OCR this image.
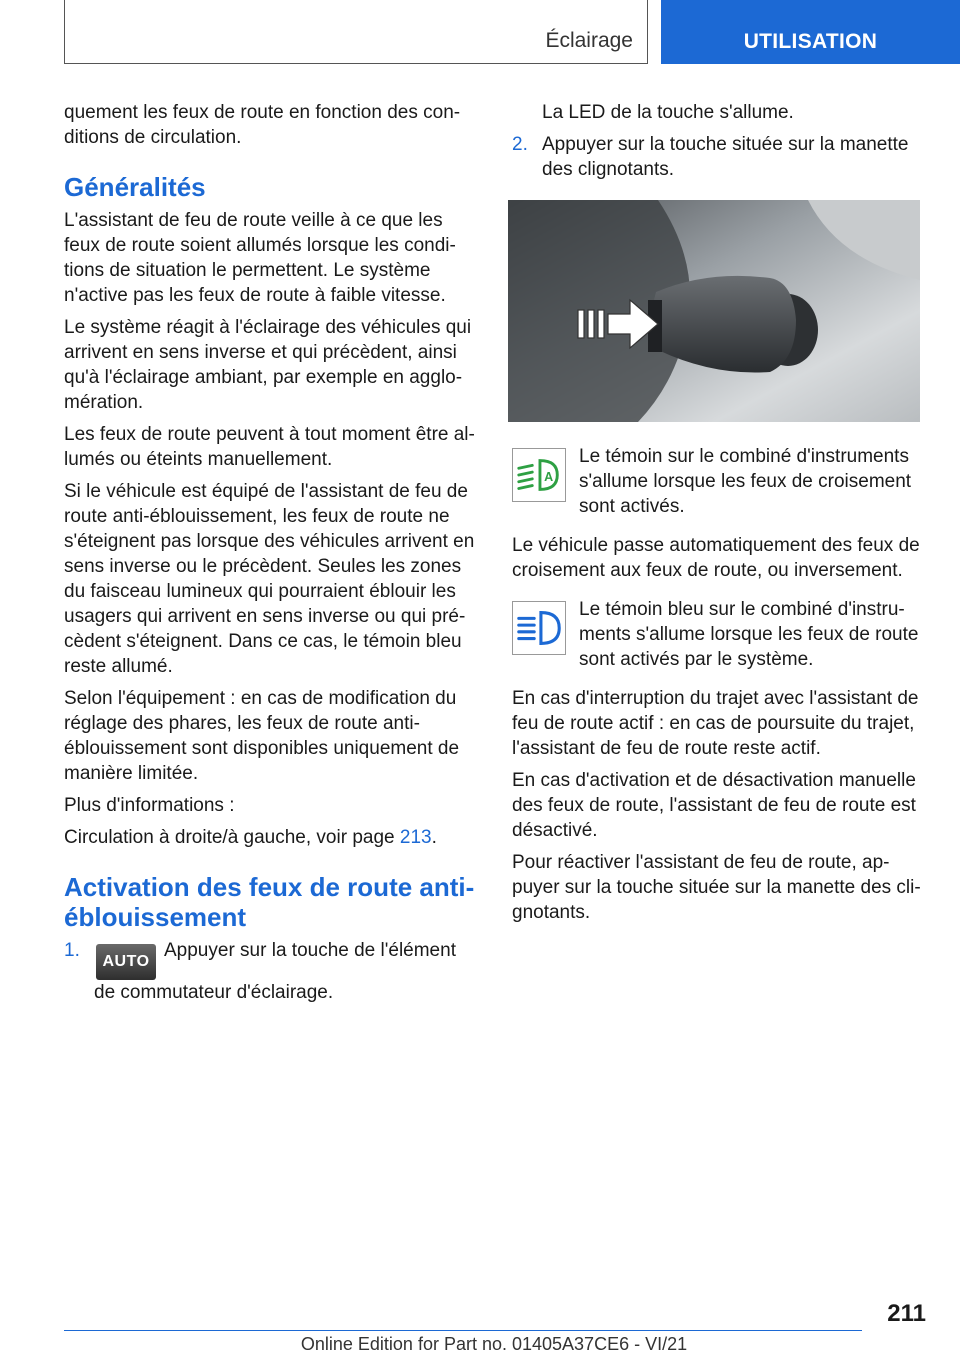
Éclairage	UTILISATION

quement les feux de route en fonction des conditions de circulation.

Généralités

L'assistant de feu de route veille à ce que les feux de route soient allumés lorsque les conditions de situation le permettent. Le système n'active pas les feux de route à faible vitesse.

Le système réagit à l'éclairage des véhicules qui arrivent en sens inverse et qui précèdent, ainsi qu'à l'éclairage ambiant, par exemple en agglomération.

Les feux de route peuvent à tout moment être allumés ou éteints manuellement.

Si le véhicule est équipé de l'assistant de feu de route anti-éblouissement, les feux de route ne s'éteignent pas lorsque des véhicules arrivent en sens inverse ou le précèdent. Seules les zones du faisceau lumineux qui pourraient éblouir les usagers qui arrivent en sens inverse ou qui précèdent s'éteignent. Dans ce cas, le témoin bleu reste allumé.

Selon l'équipement : en cas de modification du réglage des phares, les feux de route anti-éblouissement sont disponibles uniquement de manière limitée.

Plus d'informations :

Circulation à droite/à gauche, voir page 213.

Activation des feux de route anti-éblouissement
1.
AUTOAppuyer sur la touche de l'élément de commutateur d'éclairage.
La LED de la touche s'allume.
2. Appuyer sur la touche située sur la manette des clignotants.
A

Le témoin sur le combiné d'instruments s'allume lorsque les feux de croisement sont activés.

Le véhicule passe automatiquement des feux de croisement aux feux de route, ou inversement.

Le témoin bleu sur le combiné d'instruments s'allume lorsque les feux de route sont activés par le système.

En cas d'interruption du trajet avec l'assistant de feu de route actif : en cas de poursuite du trajet, l'assistant de feu de route reste actif.

En cas d'activation et de désactivation manuelle des feux de route, l'assistant de feu de route est désactivé.

Pour réactiver l'assistant de feu de route, appuyer sur la touche située sur la manette des clignotants.

211
Online Edition for Part no. 01405A37CE6 - VI/21
